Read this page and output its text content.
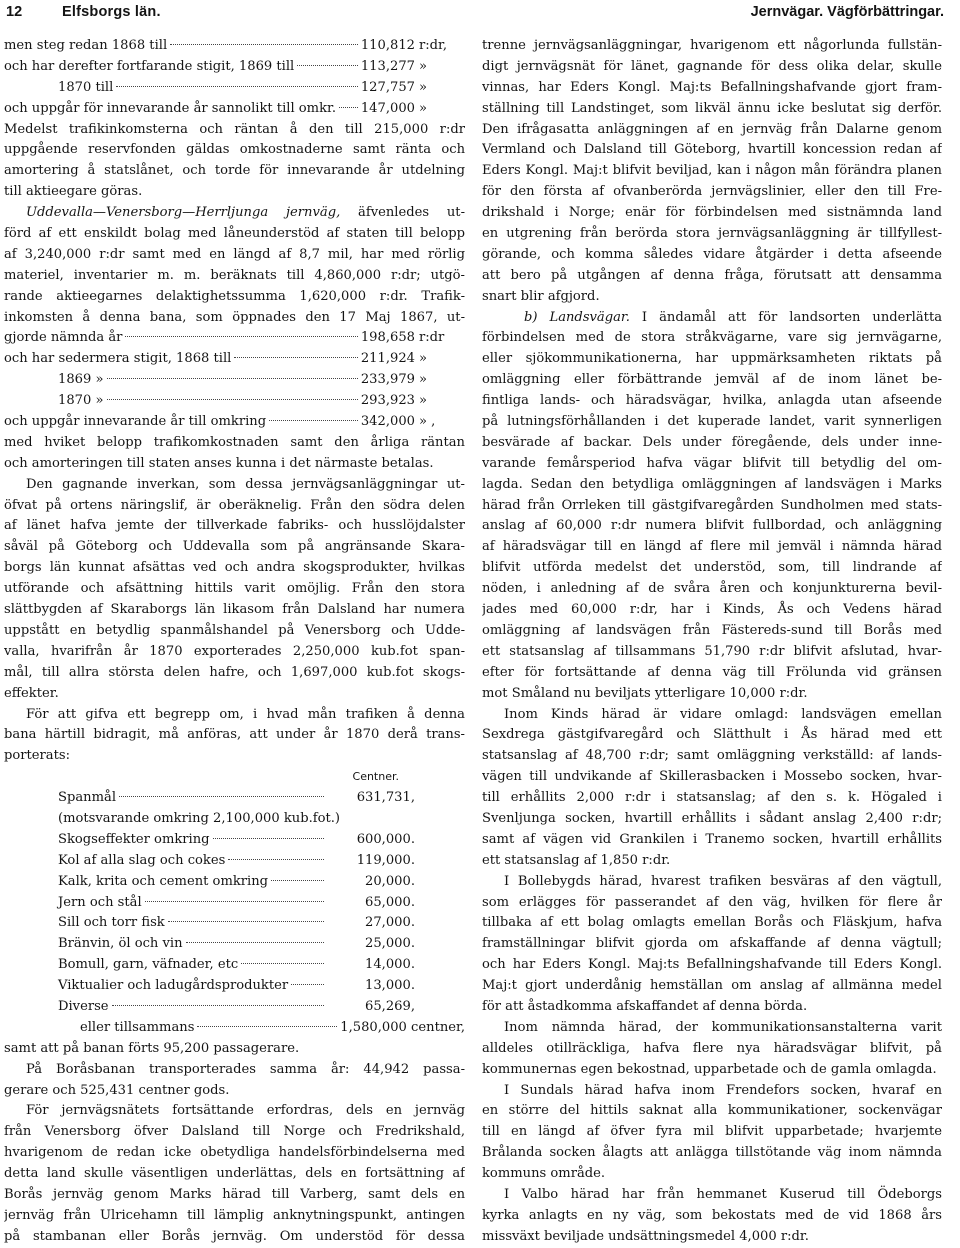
12	Elfsborgs län.	Jernvägar. Vägförbättringar.
men steg redan 1868 till	110,812 r:dr,
och har derefter fortfarande stigit, 1869 till	113,277 »
1870 till	127,757 »
och uppgår för innevarande år sannolikt till omkr. 147,000 »
Medelst trafikinkomsterna och räntan å den till 215,000 r:dr
uppgående reservfonden gäldas omkostnaderne samt ränta och
amortering å statslånet, och torde för innevarande år utdelning
till aktieegare göras.
Uddevalla—Venersborg—Herrljunga jernväg, äfvenledes ut-
förd af ett enskildt bolag med låneunderstöd af staten till belopp
af 3,240,000 r:dr samt med en längd af 8,7 mil, har med rörlig
materiel, inventarier m. m. beräknats till 4,860,000 r:dr; utgö-
rande aktieegarnes delaktighetssumma 1,620,000 r:dr. Trafik-
inkomsten å denna bana, som öppnades den 17 Maj 1867, ut-
gjorde nämnda år	198,658 r:dr
och har sedermera stigit, 1868 till	211,924 »
1869 »	233,979 »
1870 »	293,923 »
och uppgår innevarande år till omkring	342,000 » ,
med hviket belopp trafikomkostnaden samt den årliga räntan
och amorteringen till staten anses kunna i det närmaste betalas.
Den gagnande inverkan, som dessa jernvägsanläggningar ut-
öfvat på ortens näringslif, är oberäknelig. Från den södra delen
af länet hafva jemte der tillverkade fabriks- och husslöjdalster
såväl på Göteborg och Uddevalla som på angränsande Skara-
borgs län kunnat afsättas ved och andra skogsprodukter, hvilkas
utförande och afsättning hittils varit omöjlig. Från den stora
slättbygden af Skaraborgs län likasom från Dalsland har numera
uppstått en betydlig spanmålshandel på Venersborg och Udde-
valla, hvarifrån år 1870 exporterades 2,250,000 kub.fot span-
mål, till allra största delen hafre, och 1,697,000 kub.fot skogs-
effekter.
För att gifva ett begrepp om, i hvad mån trafiken å denna
bana härtill bidragit, må anföras, att under år 1870 derå trans-
porterats:
Centner.
Spanmål	631,731,
(motsvarande omkring 2,100,000 kub.fot.)
Skogseffekter omkring	600,000.
Kol af alla slag och cokes	119,000.
Kalk, krita och cement omkring	20,000.
Jern och stål	65,000.
Sill och torr fisk	27,000.
Bränvin, öl och vin	25,000.
Bomull, garn, väfnader, etc	14,000.
Viktualier och ladugårdsprodukter	13,000.
Diverse	65,269,
eller tillsammans	1,580,000 centner,
samt att på banan förts 95,200 passagerare.
På Boråsbanan transporterades samma år: 44,942 passa-
gerare och 525,431 centner gods.
För jernvägsnätets fortsättande erfordras, dels en jernväg
från Venersborg öfver Dalsland till Norge och Fredrikshald,
hvarigenom de redan icke obetydliga handelsförbindelserna med
detta land skulle väsentligen underlättas, dels en fortsättning af
Borås jernväg genom Marks härad till Varberg, samt dels en
jernväg från Ulricehamn till lämplig anknytningspunkt, antingen
på stambanan eller Borås jernväg. Om understöd för dessa
trenne jernvägsanläggningar, hvarigenom ett någorlunda fullstän-
digt jernvägsnät för länet, gagnande för dess olika delar, skulle
vinnas, har Eders Kongl. Maj:ts Befallningshafvande gjort fram-
ställning till Landstinget, som likväl ännu icke beslutat sig derför.
Den ifrågasatta anläggningen af en jernväg från Dalarne genom
Vermland och Dalsland till Göteborg, hvartill koncession redan af
Eders Kongl. Maj:t blifvit beviljad, kan i någon mån förändra planen
för den första af ofvanberörda jernvägslinier, eller den till Fre-
drikshald i Norge; enär för förbindelsen med sistnämnda land
en utgrening från berörda stora jernvägsanläggning är tillfyllest-
görande, och komma således vidare åtgärder i detta afseende
att bero på utgången af denna fråga, förutsatt att densamma
snart blir afgjord.
b) Landsvägar. I ändamål att för landsorten underlätta
förbindelsen med de stora stråkvägarne, vare sig jernvägarne,
eller sjökommunikationerna, har uppmärksamheten riktats på
omläggning eller förbättrande jemväl af de inom länet be-
fintliga lands- och häradsvägar, hvilka, anlagda utan afseende
på lutningsförhållanden i det kuperade landet, varit synnerligen
besvärade af backar. Dels under föregående, dels under inne-
varande femårsperiod hafva vägar blifvit till betydlig del om-
lagda. Sedan den betydliga omläggningen af landsvägen i Marks
härad från Orrleken till gästgifvaregården Sundholmen med stats-
anslag af 60,000 r:dr numera blifvit fullbordad, och anläggning
af häradsvägar till en längd af flere mil jemväl i nämnda härad
blifvit utförda medelst det understöd, som, till lindrande af
nöden, i anledning af de svåra åren och konjunkturerna bevil-
jades med 60,000 r:dr, har i Kinds, Ås och Vedens härad
omläggning af landsvägen från Fästereds-sund till Borås med
ett statsanslag af tillsammans 51,790 r:dr blifvit afslutad, hvar-
efter för fortsättande af denna väg till Frölunda vid gränsen
mot Småland nu beviljats ytterligare 10,000 r:dr.
Inom Kinds härad är vidare omlagd: landsvägen emellan
Sexdrega gästgifvaregård och Slätthult i Ås härad med ett
statsanslag af 48,700 r:dr; samt omläggning verkställd: af lands-
vägen till undvikande af Skillerasbacken i Mossebo socken, hvar-
till erhållits 2,000 r:dr i statsanslag; af den s. k. Högaled i
Svenljunga socken, hvartill erhållits i sådant anslag 2,400 r:dr;
samt af vägen vid Grankilen i Tranemo socken, hvartill erhållits
ett statsanslag af 1,850 r:dr.
I Bollebygds härad, hvarest trafiken besväras af den vägtull,
som erlägges för passerandet af den väg, hvilken för flere år
tillbaka af ett bolag omlagts emellan Borås och Fläskjum, hafva
framställningar blifvit gjorda om afskaffande af denna vägtull;
och har Eders Kongl. Maj:ts Befallningshafvande till Eders Kongl.
Maj:t gjort underdånig hemställan om anslag af allmänna medel
för att åstadkomma afskaffandet af denna börda.
Inom nämnda härad, der kommunikationsanstalterna varit
alldeles otillräckliga, hafva flere nya häradsvägar blifvit, på
kommunernas egen bekostnad, upparbetade och de gamla omlagda.
I Sundals härad hafva inom Frendefors socken, hvaraf en
en större del hittils saknat alla kommunikationer, sockenvägar
till en längd af öfver fyra mil blifvit upparbetade; hvarjemte
Brålanda socken ålagts att anlägga tillstötande väg inom nämnda
kommuns område.
I Valbo härad har från hemmanet Kuserud till Ödeborgs
kyrka anlagts en ny väg, som bekostats med de vid 1868 års
missväxt beviljade undsättningsmedel 4,000 r:dr.
